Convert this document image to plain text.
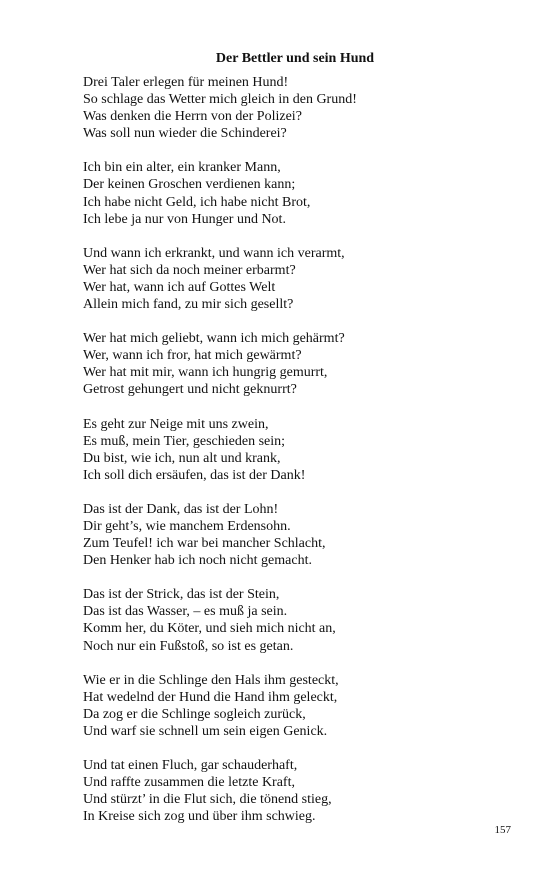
Der Bettler und sein Hund
Drei Taler erlegen für meinen Hund!
So schlage das Wetter mich gleich in den Grund!
Was denken die Herrn von der Polizei?
Was soll nun wieder die Schinderei?
Ich bin ein alter, ein kranker Mann,
Der keinen Groschen verdienen kann;
Ich habe nicht Geld, ich habe nicht Brot,
Ich lebe ja nur von Hunger und Not.
Und wann ich erkrankt, und wann ich verarmt,
Wer hat sich da noch meiner erbarmt?
Wer hat, wann ich auf Gottes Welt
Allein mich fand, zu mir sich gesellt?
Wer hat mich geliebt, wann ich mich gehärmt?
Wer, wann ich fror, hat mich gewärmt?
Wer hat mit mir, wann ich hungrig gemurrt,
Getrost gehungert und nicht geknurrt?
Es geht zur Neige mit uns zwein,
Es muß, mein Tier, geschieden sein;
Du bist, wie ich, nun alt und krank,
Ich soll dich ersäufen, das ist der Dank!
Das ist der Dank, das ist der Lohn!
Dir geht’s, wie manchem Erdensohn.
Zum Teufel! ich war bei mancher Schlacht,
Den Henker hab ich noch nicht gemacht.
Das ist der Strick, das ist der Stein,
Das ist das Wasser, – es muß ja sein.
Komm her, du Köter, und sieh mich nicht an,
Noch nur ein Fußstoß, so ist es getan.
Wie er in die Schlinge den Hals ihm gesteckt,
Hat wedelnd der Hund die Hand ihm geleckt,
Da zog er die Schlinge sogleich zurück,
Und warf sie schnell um sein eigen Genick.
Und tat einen Fluch, gar schauderhaft,
Und raffte zusammen die letzte Kraft,
Und stürzt’ in die Flut sich, die tönend stieg,
In Kreise sich zog und über ihm schwieg.
157
